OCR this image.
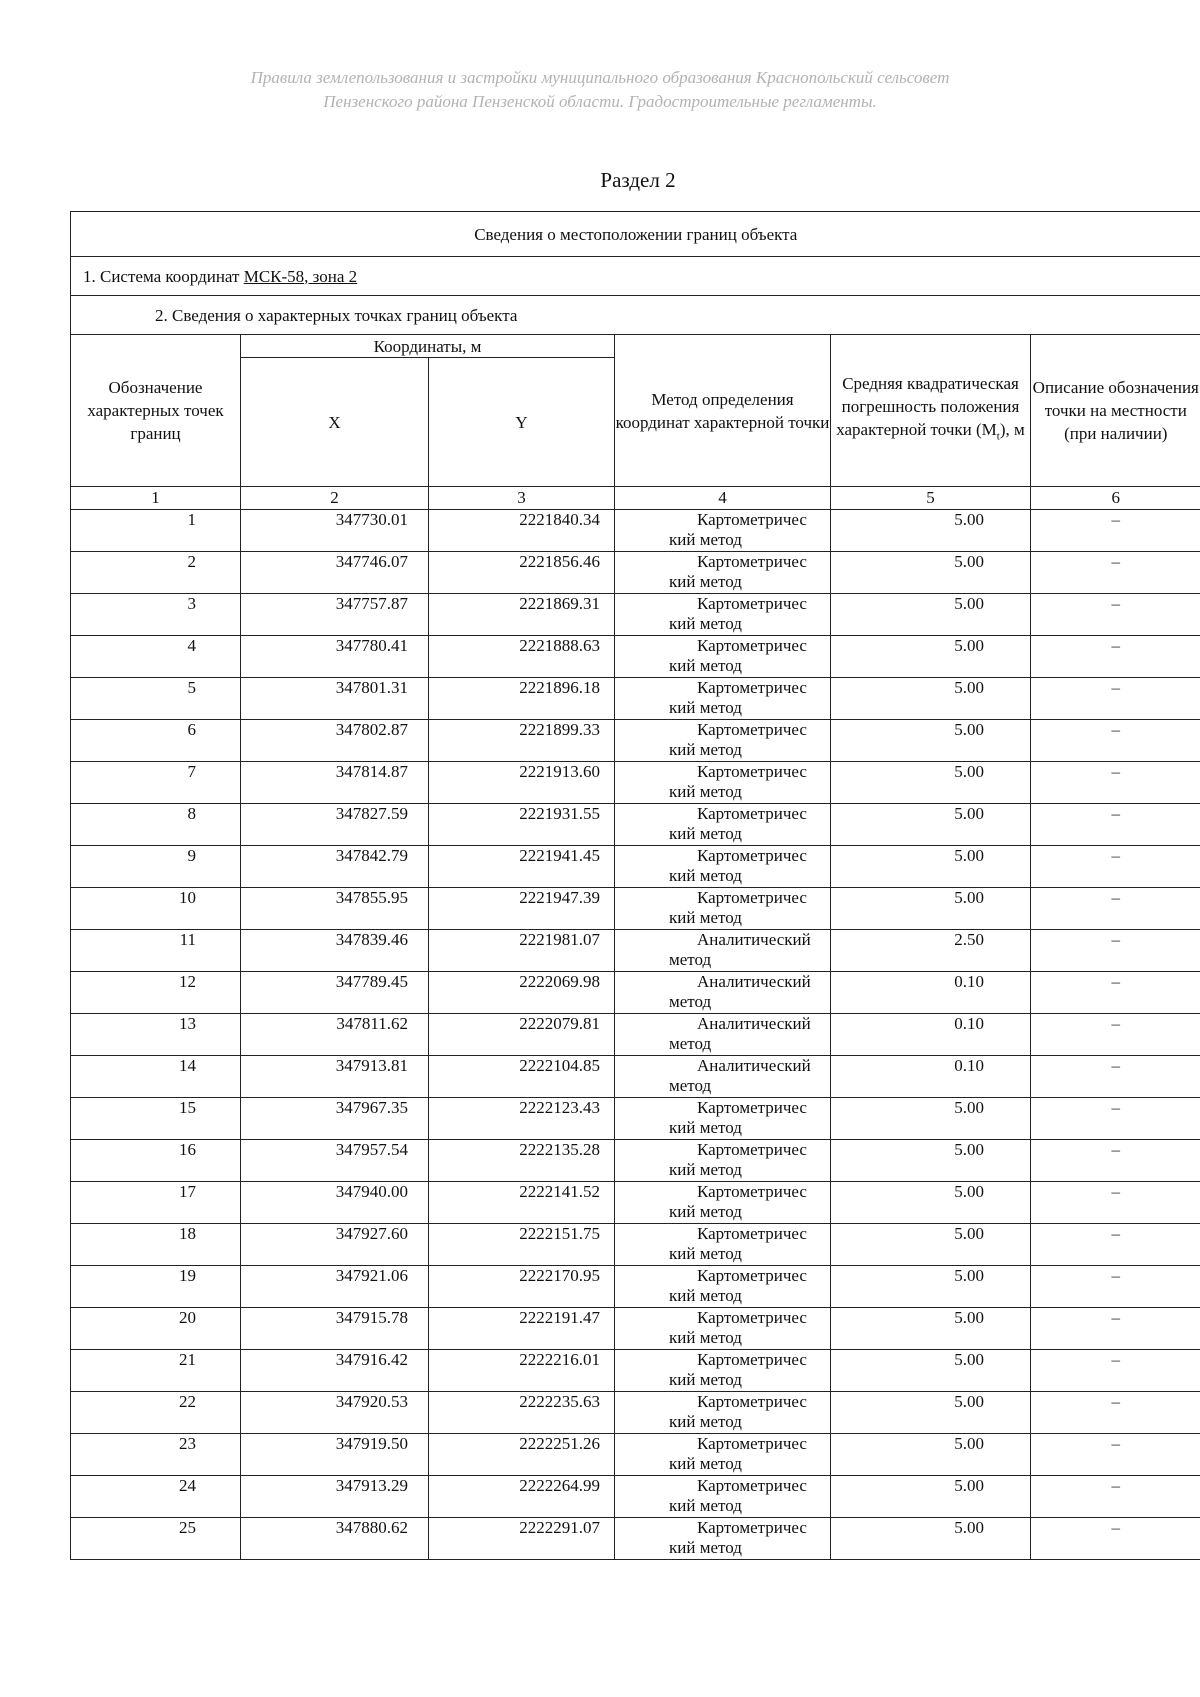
Правила землепользования и застройки муниципального образования Краснопольский сельсовет
Пензенского района Пензенской области. Градостроительные регламенты.
Раздел 2
Сведения о местоположении границ объекта					
1. Система координат МСК-58, зона 2					
2. Сведения о характерных точках границ объекта					
Обозначение характерных точек границ	Координаты, м		Метод определения координат характерной точки	Средняя квадратическая погрешность положения характерной точки $(M_t)$, м	Описание обозначения точки на местности (при наличии)
	X	Y			
1	2	3	4	5	6
1	347730.01	2221840.34	Картометричес
кий метод	5.00	–
2	347746.07	2221856.46	Картометричес
кий метод	5.00	–
3	347757.87	2221869.31	Картометричес
кий метод	5.00	–
4	347780.41	2221888.63	Картометричес
кий метод	5.00	–
5	347801.31	2221896.18	Картометричес
кий метод	5.00	–
6	347802.87	2221899.33	Картометричес
кий метод	5.00	–
7	347814.87	2221913.60	Картометричес
кий метод	5.00	–
8	347827.59	2221931.55	Картометричес
кий метод	5.00	–
9	347842.79	2221941.45	Картометричес
кий метод	5.00	–
10	347855.95	2221947.39	Картометричес
кий метод	5.00	–
11	347839.46	2221981.07	Аналитический
метод	2.50	–
12	347789.45	2222069.98	Аналитический
метод	0.10	–
13	347811.62	2222079.81	Аналитический
метод	0.10	–
14	347913.81	2222104.85	Аналитический
метод	0.10	–
15	347967.35	2222123.43	Картометричес
кий метод	5.00	–
16	347957.54	2222135.28	Картометричес
кий метод	5.00	–
17	347940.00	2222141.52	Картометричес
кий метод	5.00	–
18	347927.60	2222151.75	Картометричес
кий метод	5.00	–
19	347921.06	2222170.95	Картометричес
кий метод	5.00	–
20	347915.78	2222191.47	Картометричес
кий метод	5.00	–
21	347916.42	2222216.01	Картометричес
кий метод	5.00	–
22	347920.53	2222235.63	Картометричес
кий метод	5.00	–
23	347919.50	2222251.26	Картометричес
кий метод	5.00	–
24	347913.29	2222264.99	Картометричес
кий метод	5.00	–
25	347880.62	2222291.07	Картометричес
кий метод	5.00	–
